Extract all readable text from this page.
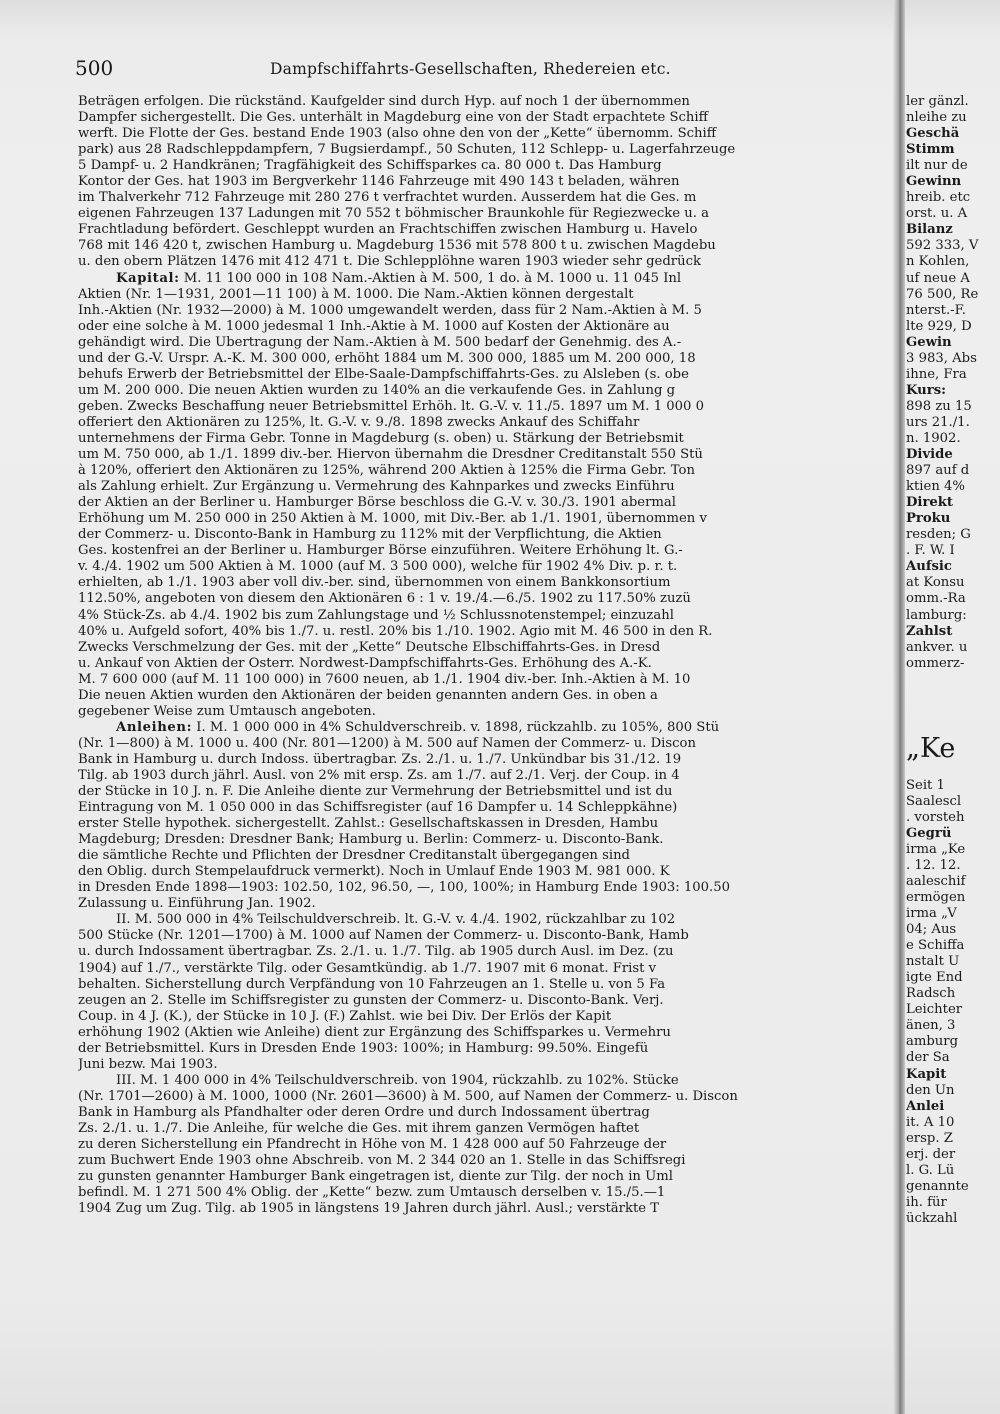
500	Dampfschiffahrts-Gesellschaften, Rhedereien etc.
Beträgen erfolgen. Die rückständ. Kaufgelder sind durch Hyp. auf noch 1 der übernommen
Dampfer sichergestellt. Die Ges. unterhält in Magdeburg eine von der Stadt erpachtete Schiff
werft. Die Flotte der Ges. bestand Ende 1903 (also ohne den von der „Kette“ übernomm. Schiff
park) aus 28 Radschleppdampfern, 7 Bugsierdampf., 50 Schuten, 112 Schlepp- u. Lagerfahrzeuge
5 Dampf- u. 2 Handkränen; Tragfähigkeit des Schiffsparkes ca. 80 000 t. Das Hamburg
Kontor der Ges. hat 1903 im Bergverkehr 1146 Fahrzeuge mit 490 143 t beladen, währen
im Thalverkehr 712 Fahrzeuge mit 280 276 t verfrachtet wurden. Ausserdem hat die Ges. m
eigenen Fahrzeugen 137 Ladungen mit 70 552 t böhmischer Braunkohle für Regiezwecke u. a
Frachtladung befördert. Geschleppt wurden an Frachtschiffen zwischen Hamburg u. Havelo
768 mit 146 420 t, zwischen Hamburg u. Magdeburg 1536 mit 578 800 t u. zwischen Magdebu
u. den obern Plätzen 1476 mit 412 471 t. Die Schlepplöhne waren 1903 wieder sehr gedrück
Kapital: M. 11 100 000 in 108 Nam.-Aktien à M. 500, 1 do. à M. 1000 u. 11 045 Inl
Aktien (Nr. 1—1931, 2001—11 100) à M. 1000. Die Nam.-Aktien können dergestalt
Inh.-Aktien (Nr. 1932—2000) à M. 1000 umgewandelt werden, dass für 2 Nam.-Aktien à M. 5
oder eine solche à M. 1000 jedesmal 1 Inh.-Aktie à M. 1000 auf Kosten der Aktionäre au
gehändigt wird. Die Übertragung der Nam.-Aktien à M. 500 bedarf der Genehmig. des A.-
und der G.-V. Urspr. A.-K. M. 300 000, erhöht 1884 um M. 300 000, 1885 um M. 200 000, 18
behufs Erwerb der Betriebsmittel der Elbe-Saale-Dampfschiffahrts-Ges. zu Alsleben (s. obe
um M. 200 000. Die neuen Aktien wurden zu 140% an die verkaufende Ges. in Zahlung g
geben. Zwecks Beschaffung neuer Betriebsmittel Erhöh. lt. G.-V. v. 11./5. 1897 um M. 1 000 0
offeriert den Aktionären zu 125%, lt. G.-V. v. 9./8. 1898 zwecks Ankauf des Schiffahr
unternehmens der Firma Gebr. Tonne in Magdeburg (s. oben) u. Stärkung der Betriebsmit
um M. 750 000, ab 1./1. 1899 div.-ber. Hiervon übernahm die Dresdner Creditanstalt 550 Stü
à 120%, offeriert den Aktionären zu 125%, während 200 Aktien à 125% die Firma Gebr. Ton
als Zahlung erhielt. Zur Ergänzung u. Vermehrung des Kahnparkes und zwecks Einführu
der Aktien an der Berliner u. Hamburger Börse beschloss die G.-V. v. 30./3. 1901 abermal
Erhöhung um M. 250 000 in 250 Aktien à M. 1000, mit Div.-Ber. ab 1./1. 1901, übernommen v
der Commerz- u. Disconto-Bank in Hamburg zu 112% mit der Verpflichtung, die Aktien
Ges. kostenfrei an der Berliner u. Hamburger Börse einzuführen. Weitere Erhöhung lt. G.-
v. 4./4. 1902 um 500 Aktien à M. 1000 (auf M. 3 500 000), welche für 1902 4% Div. p. r. t.
erhielten, ab 1./1. 1903 aber voll div.-ber. sind, übernommen von einem Bankkonsortium
112.50%, angeboten von diesem den Aktionären 6 : 1 v. 19./4.—6./5. 1902 zu 117.50% zuzü
4% Stück-Zs. ab 4./4. 1902 bis zum Zahlungstage und ½ Schlussnotenstempel; einzuzahl
40% u. Aufgeld sofort, 40% bis 1./7. u. restl. 20% bis 1./10. 1902. Agio mit M. 46 500 in den R.
Zwecks Verschmelzung der Ges. mit der „Kette“ Deutsche Elbschiffahrts-Ges. in Dresd
u. Ankauf von Aktien der Österr. Nordwest-Dampfschiffahrts-Ges. Erhöhung des A.-K.
M. 7 600 000 (auf M. 11 100 000) in 7600 neuen, ab 1./1. 1904 div.-ber. Inh.-Aktien à M. 10
Die neuen Aktien wurden den Aktionären der beiden genannten andern Ges. in oben a
gegebener Weise zum Umtausch angeboten.
Anleihen: I. M. 1 000 000 in 4% Schuldverschreib. v. 1898, rückzahlb. zu 105%, 800 Stü
(Nr. 1—800) à M. 1000 u. 400 (Nr. 801—1200) à M. 500 auf Namen der Commerz- u. Discon
Bank in Hamburg u. durch Indoss. übertragbar. Zs. 2./1. u. 1./7. Unkündbar bis 31./12. 19
Tilg. ab 1903 durch jährl. Ausl. von 2% mit ersp. Zs. am 1./7. auf 2./1. Verj. der Coup. in 4
der Stücke in 10 J. n. F. Die Anleihe diente zur Vermehrung der Betriebsmittel und ist du
Eintragung von M. 1 050 000 in das Schiffsregister (auf 16 Dampfer u. 14 Schleppkähne)
erster Stelle hypothek. sichergestellt. Zahlst.: Gesellschaftskassen in Dresden, Hambu
Magdeburg; Dresden: Dresdner Bank; Hamburg u. Berlin: Commerz- u. Disconto-Bank.
die sämtliche Rechte und Pflichten der Dresdner Creditanstalt übergegangen sind
den Oblig. durch Stempelaufdruck vermerkt). Noch in Umlauf Ende 1903 M. 981 000. K
in Dresden Ende 1898—1903: 102.50, 102, 96.50, —, 100, 100%; in Hamburg Ende 1903: 100.50
Zulassung u. Einführung Jan. 1902.
II. M. 500 000 in 4% Teilschuldverschreib. lt. G.-V. v. 4./4. 1902, rückzahlbar zu 102
500 Stücke (Nr. 1201—1700) à M. 1000 auf Namen der Commerz- u. Disconto-Bank, Hamb
u. durch Indossament übertragbar. Zs. 2./1. u. 1./7. Tilg. ab 1905 durch Ausl. im Dez. (zu
1904) auf 1./7., verstärkte Tilg. oder Gesamtkündig. ab 1./7. 1907 mit 6 monat. Frist v
behalten. Sicherstellung durch Verpfändung von 10 Fahrzeugen an 1. Stelle u. von 5 Fa
zeugen an 2. Stelle im Schiffsregister zu gunsten der Commerz- u. Disconto-Bank. Verj.
Coup. in 4 J. (K.), der Stücke in 10 J. (F.) Zahlst. wie bei Div. Der Erlös der Kapit
erhöhung 1902 (Aktien wie Anleihe) dient zur Ergänzung des Schiffsparkes u. Vermehru
der Betriebsmittel. Kurs in Dresden Ende 1903: 100%; in Hamburg: 99.50%. Eingefü
Juni bezw. Mai 1903.
III. M. 1 400 000 in 4% Teilschuldverschreib. von 1904, rückzahlb. zu 102%. Stücke
(Nr. 1701—2600) à M. 1000, 1000 (Nr. 2601—3600) à M. 500, auf Namen der Commerz- u. Discon
Bank in Hamburg als Pfandhalter oder deren Ordre und durch Indossament übertrag
Zs. 2./1. u. 1./7. Die Anleihe, für welche die Ges. mit ihrem ganzen Vermögen haftet
zu deren Sicherstellung ein Pfandrecht in Höhe von M. 1 428 000 auf 50 Fahrzeuge der
zum Buchwert Ende 1903 ohne Abschreib. von M. 2 344 020 an 1. Stelle in das Schiffsregi
zu gunsten genannter Hamburger Bank eingetragen ist, diente zur Tilg. der noch in Uml
befindl. M. 1 271 500 4% Oblig. der „Kette“ bezw. zum Umtausch derselben v. 15./5.—1
1904 Zug um Zug. Tilg. ab 1905 in längstens 19 Jahren durch jährl. Ausl.; verstärkte T
ler gänzl.
nleihe zu
Geschä
Stimm
ilt nur de
Gewinn
hreib. etc
orst. u. A
Bilanz
592 333, V
n Kohlen,
uf neue A
76 500, Re
nterst.-F.
lte 929, D
Gewin
3 983, Abs
ihne, Fra
Kurs:
898 zu 15
urs 21./1.
n. 1902.
Divide
897 auf d
ktien 4%
Direkt
Proku
resden; G
. F. W. I
Aufsic
at Konsu
omm.-Ra
lamburg:
Zahlst
ankver. u
ommerz-
„Ke
Seit 1
Saalescl
. vorsteh
Gegrü
irma „Ke
. 12. 12.
aaleschif
ermögen
irma „V
04; Aus
e Schiffa
nstalt U
igte End
Radsch
Leichter
änen, 3
amburg
der Sa
Kapit
den Un
Anlei
it. A 10
ersp. Z
erj. der
l. G. Lü
genannte
ih. für
ückzahl
